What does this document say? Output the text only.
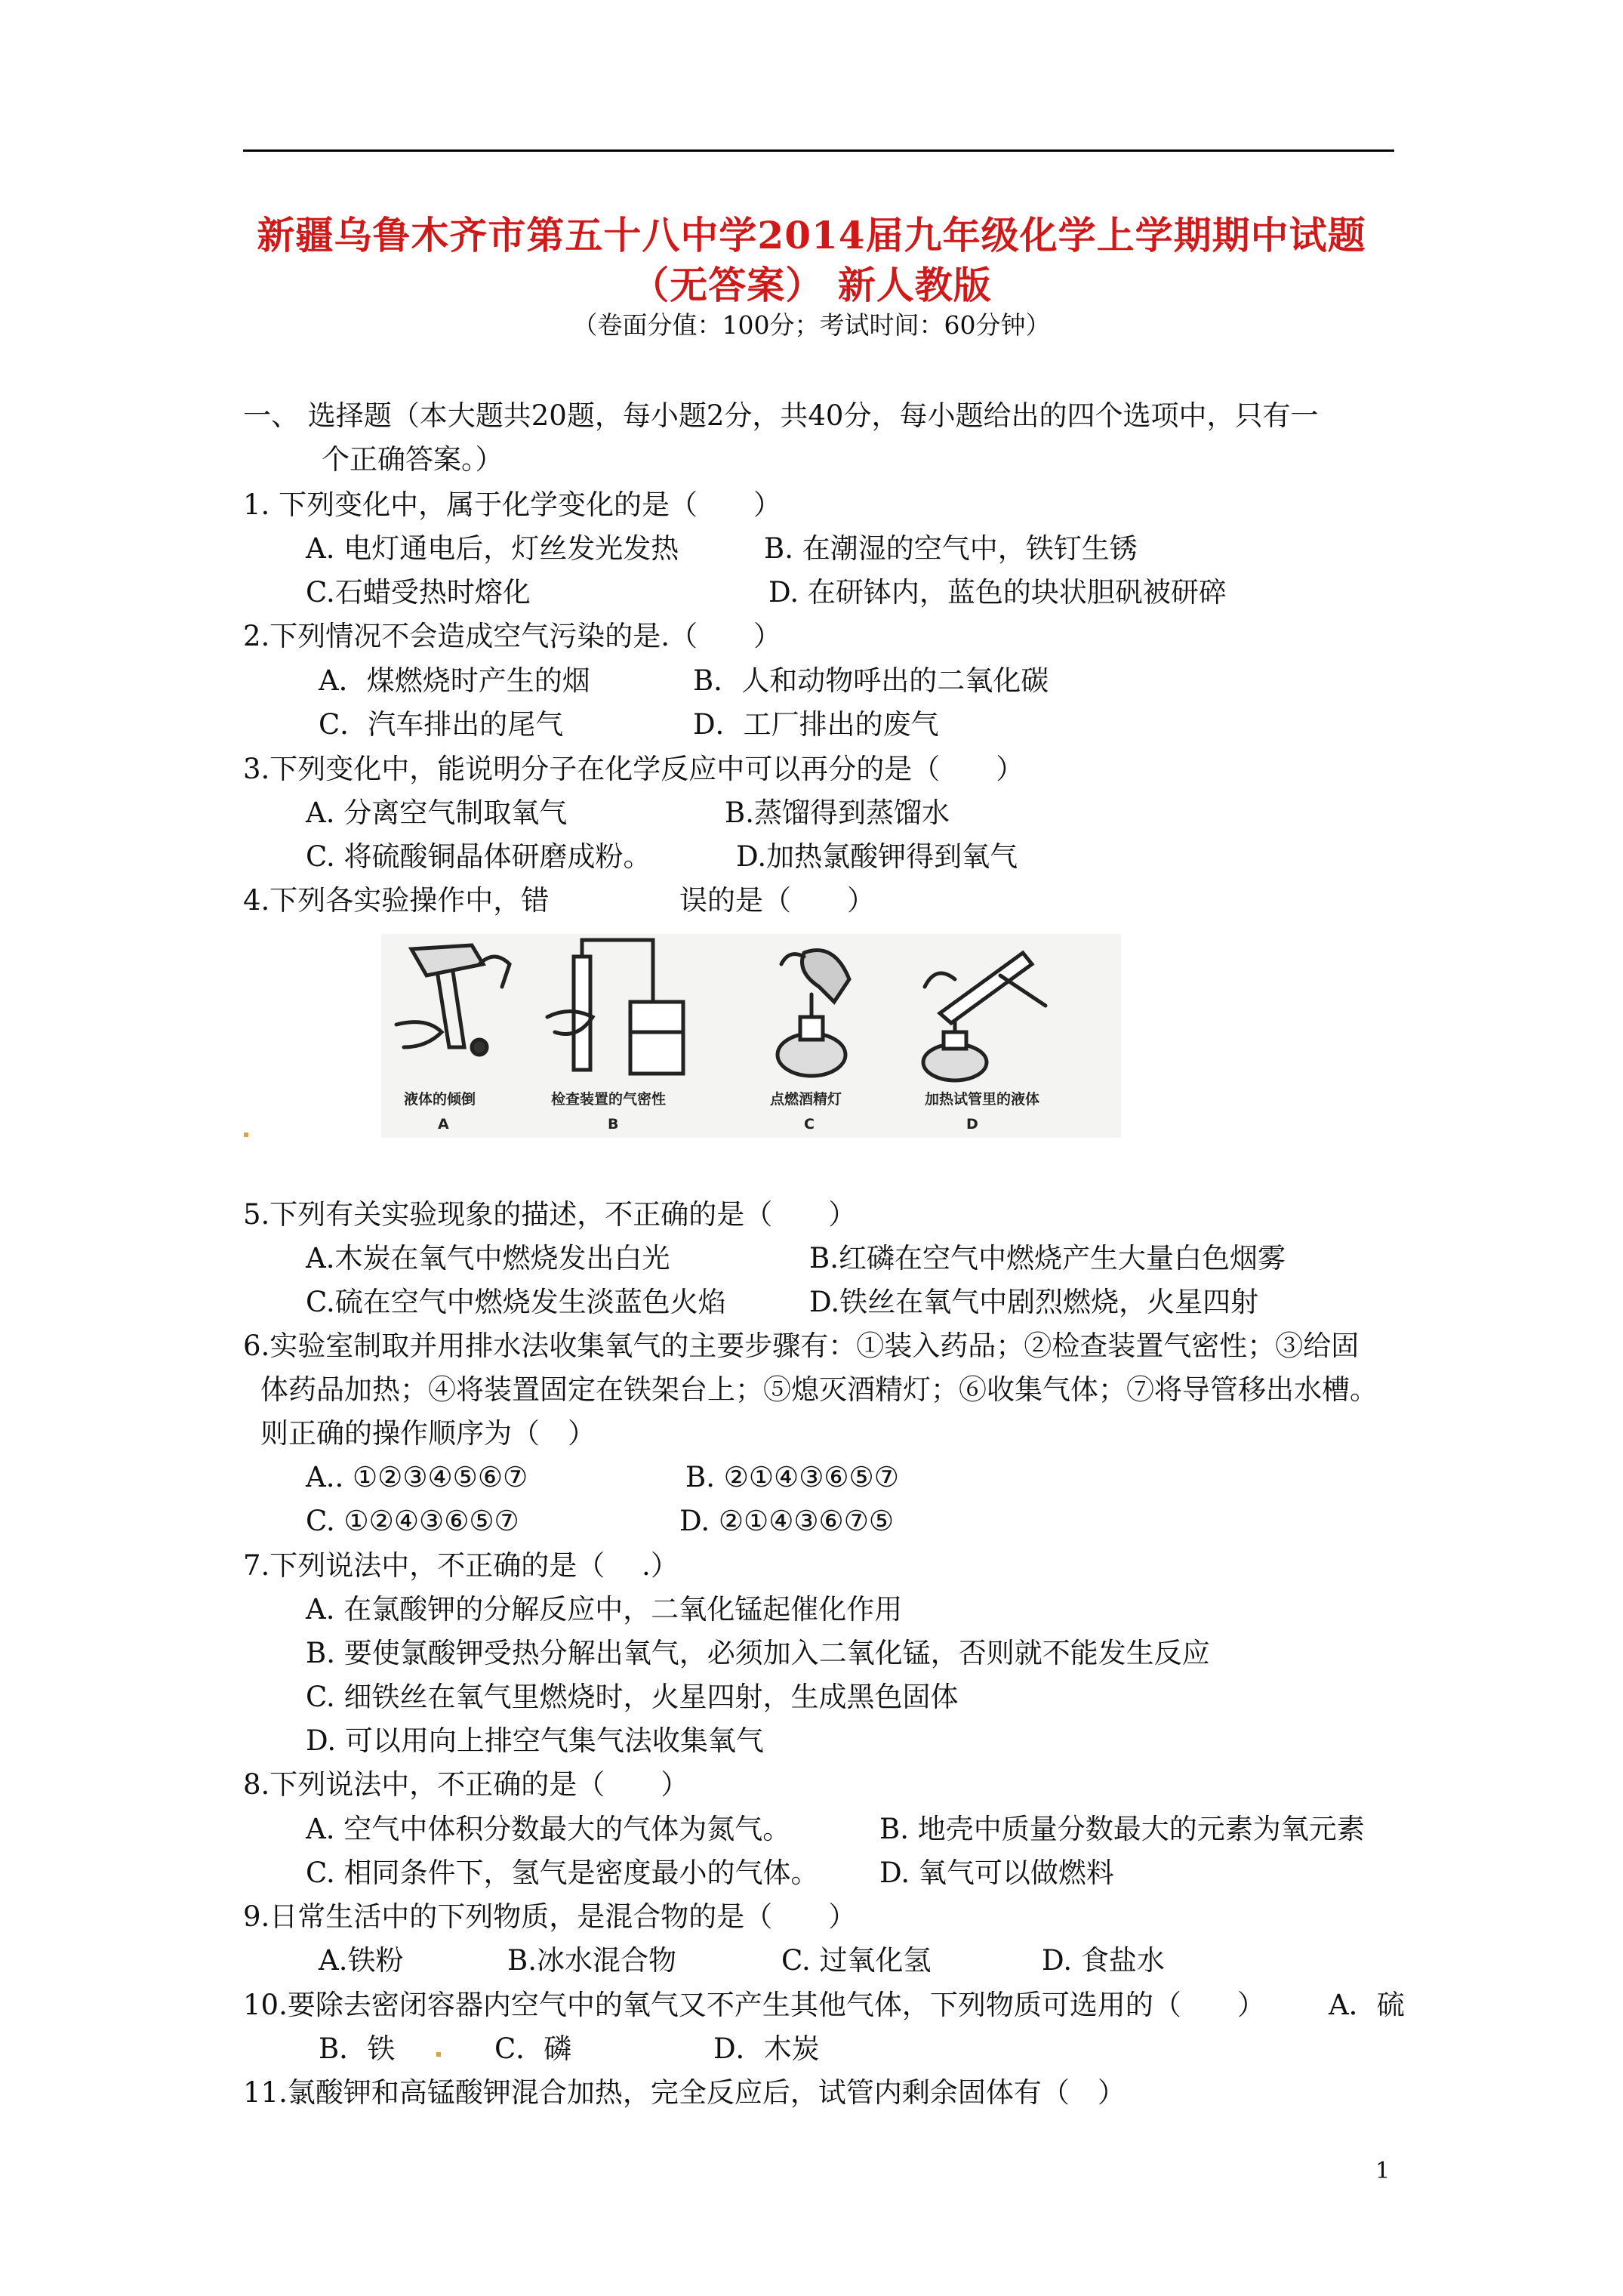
新疆乌鲁木齐市第五十八中学2014届九年级化学上学期期中试题
（无答案） 新人教版
（卷面分值：100分；考试时间：60分钟）
一、 选择题（本大题共20题，每小题2分，共40分，每小题给出的四个选项中，只有一
个正确答案。）
1. 下列变化中，属于化学变化的是（　　）
A. 电灯通电后，灯丝发光发热	B. 在潮湿的空气中，铁钉生锈
C.石蜡受热时熔化	D. 在研钵内，蓝色的块状胆矾被研碎
2.下列情况不会造成空气污染的是.（　　）
A．煤燃烧时产生的烟	B．人和动物呼出的二氧化碳
C．汽车排出的尾气	D．工厂排出的废气
3.下列变化中，能说明分子在化学反应中可以再分的是（　　）
A. 分离空气制取氧气	B.蒸馏得到蒸馏水
C. 将硫酸铜晶体研磨成粉。	D.加热氯酸钾得到氧气
4.下列各实验操作中，错	误的是（　　）
液体的倾倒
A
检查装置的气密性
B
点燃酒精灯
C
加热试管里的液体
D
5.下列有关实验现象的描述，不正确的是（　　）
A.木炭在氧气中燃烧发出白光	B.红磷在空气中燃烧产生大量白色烟雾
C.硫在空气中燃烧发生淡蓝色火焰	D.铁丝在氧气中剧烈燃烧，火星四射
6.实验室制取并用排水法收集氧气的主要步骤有：①装入药品；②检查装置气密性；③给固
体药品加热；④将装置固定在铁架台上；⑤熄灭酒精灯；⑥收集气体；⑦将导管移出水槽。
则正确的操作顺序为（　）
A.. ①②③④⑤⑥⑦	B. ②①④③⑥⑤⑦
C. ①②④③⑥⑤⑦	D. ②①④③⑥⑦⑤
7.下列说法中，不正确的是（　 .）
A. 在氯酸钾的分解反应中，二氧化锰起催化作用
B. 要使氯酸钾受热分解出氧气，必须加入二氧化锰，否则就不能发生反应
C. 细铁丝在氧气里燃烧时，火星四射，生成黑色固体
D. 可以用向上排空气集气法收集氧气
8.下列说法中，不正确的是（　　）
A. 空气中体积分数最大的气体为氮气。	B. 地壳中质量分数最大的元素为氧元素
C. 相同条件下，氢气是密度最小的气体。 D. 氧气可以做燃料
9.日常生活中的下列物质，是混合物的是（　　）
A.铁粉	B.冰水混合物	C. 过氧化氢	D. 食盐水
10.要除去密闭容器内空气中的氧气又不产生其他气体，下列物质可选用的（　　） A．硫
B．铁	C．磷	D．木炭
11.氯酸钾和高锰酸钾混合加热，完全反应后，试管内剩余固体有（　）
1
